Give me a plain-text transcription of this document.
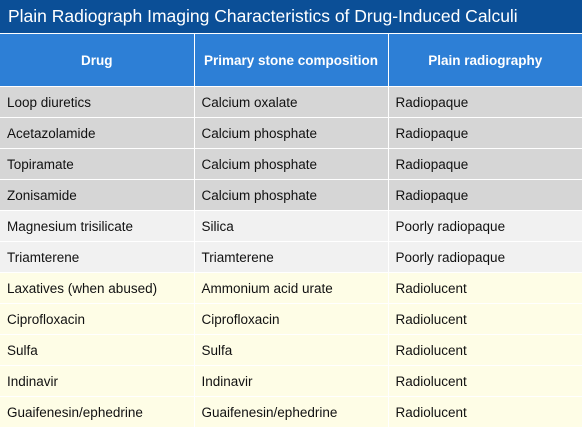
Plain Radiograph Imaging Characteristics of Drug-Induced Calculi
Drug	Primary stone composition	Plain radiography
Loop diuretics	Calcium oxalate	Radiopaque
Acetazolamide	Calcium phosphate	Radiopaque
Topiramate	Calcium phosphate	Radiopaque
Zonisamide	Calcium phosphate	Radiopaque
Magnesium trisilicate	Silica	Poorly radiopaque
Triamterene	Triamterene	Poorly radiopaque
Laxatives (when abused)	Ammonium acid urate	Radiolucent
Ciprofloxacin	Ciprofloxacin	Radiolucent
Sulfa	Sulfa	Radiolucent
Indinavir	Indinavir	Radiolucent
Guaifenesin/ephedrine	Guaifenesin/ephedrine	Radiolucent
